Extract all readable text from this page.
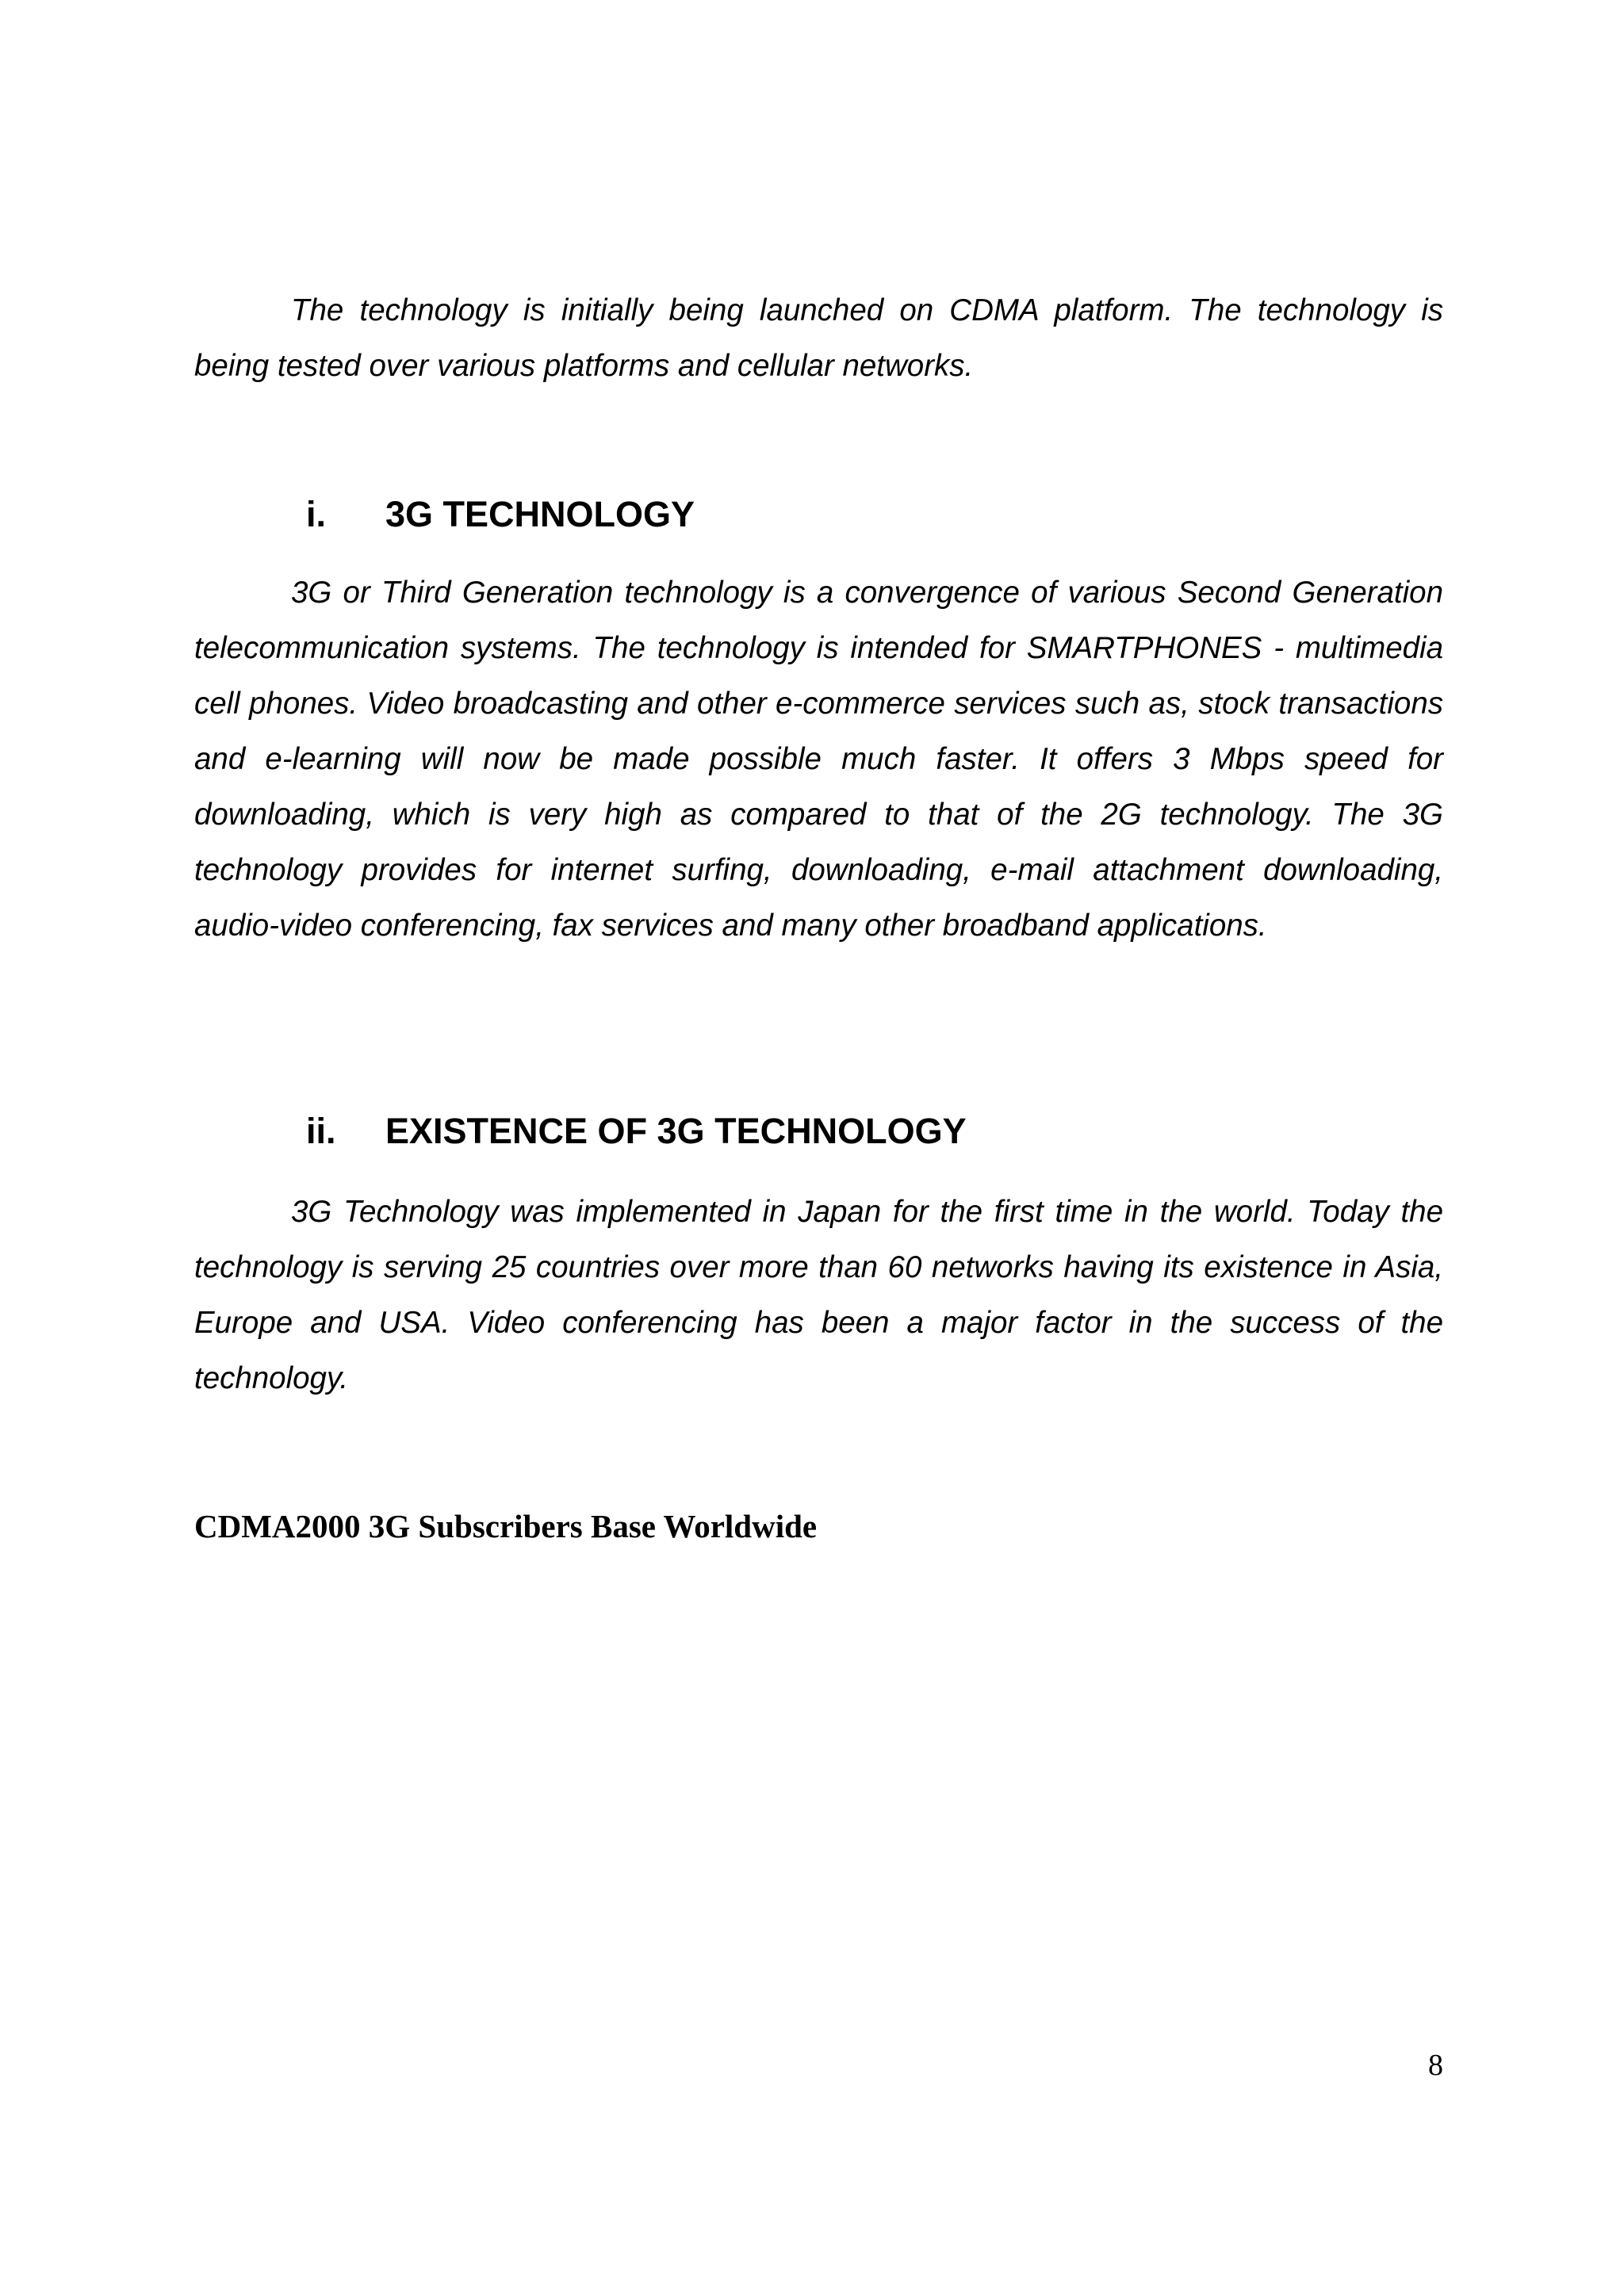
The technology is initially being launched on CDMA platform. The technology is being tested over various platforms and cellular networks.

i. 3G TECHNOLOGY

3G or Third Generation technology is a convergence of various Second Generation telecommunication systems. The technology is intended for SMARTPHONES - multimedia cell phones. Video broadcasting and other e-commerce services such as, stock transactions and e-learning will now be made possible much faster. It offers 3 Mbps speed for downloading, which is very high as compared to that of the 2G technology. The 3G technology provides for internet surfing, downloading, e-mail attachment downloading, audio-video conferencing, fax services and many other broadband applications.

ii. EXISTENCE OF 3G TECHNOLOGY

3G Technology was implemented in Japan for the first time in the world. Today the technology is serving 25 countries over more than 60 networks having its existence in Asia, Europe and USA. Video conferencing has been a major factor in the success of the technology.

CDMA2000 3G Subscribers Base Worldwide

8
